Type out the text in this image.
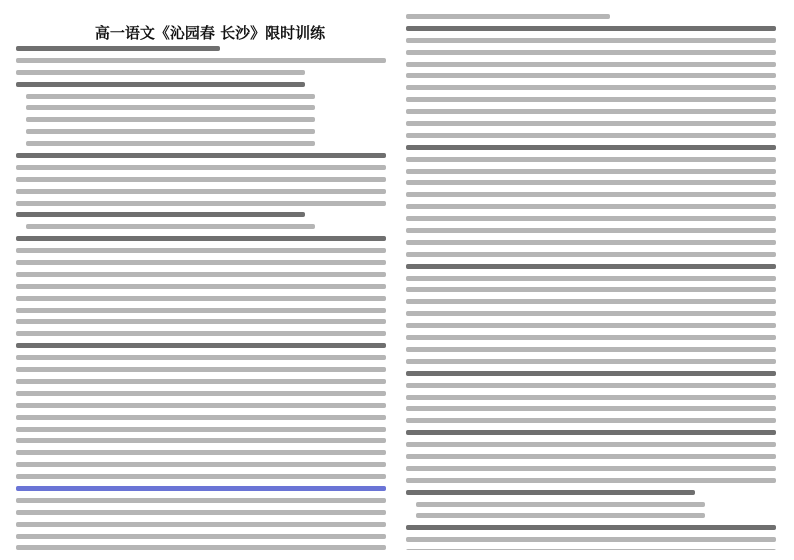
高一语文《沁园春 长沙》限时训练
